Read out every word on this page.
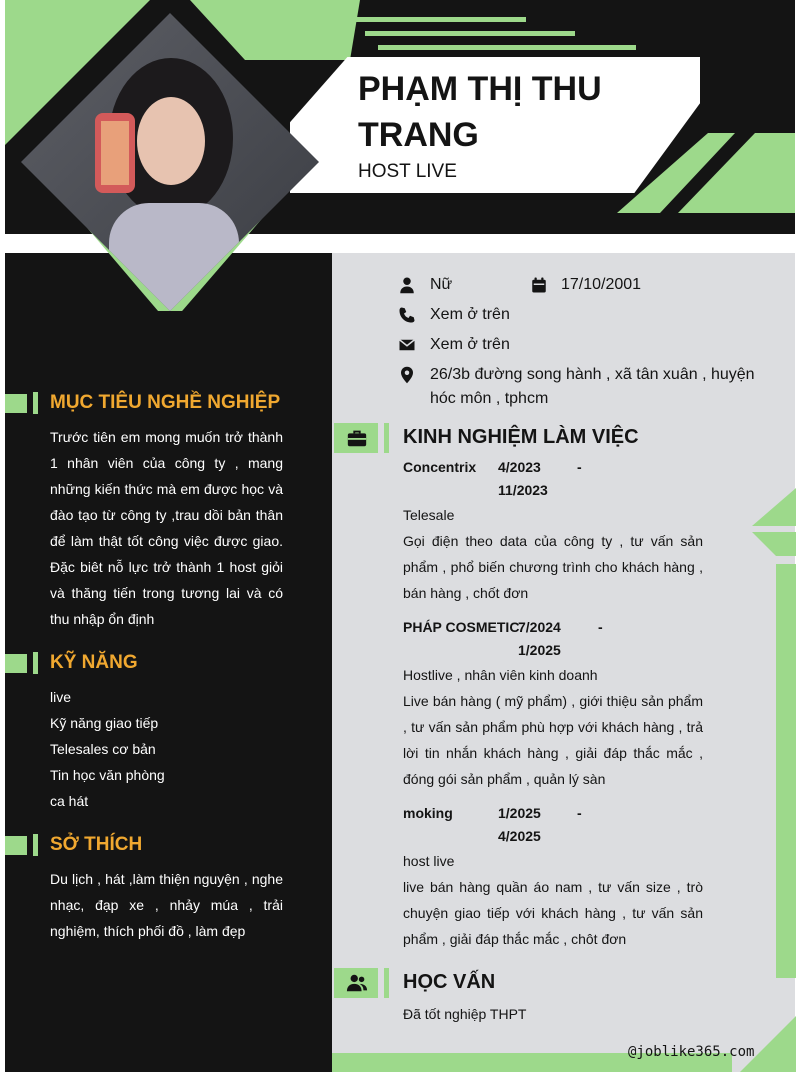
PHẠM THỊ THU
TRANG
HOST LIVE
MỤC TIÊU NGHỀ NGHIỆP
Trước tiên em mong muốn trở thành 1 nhân viên của công ty , mang những kiến thức mà em được học và đào tạo từ công ty ,trau dồi bản thân để làm thật tốt công việc được giao. Đặc biêt nỗ lực trở thành 1 host giỏi và thăng tiến trong tương lai và có thu nhập ổn định
KỸ NĂNG
live
Kỹ năng giao tiếp
Telesales cơ bản
Tin học văn phòng
ca hát
SỞ THÍCH
Du lịch , hát ,làm thiện nguyện , nghe nhạc, đạp xe , nhảy múa , trải nghiệm, thích phối đồ , làm đẹp
Nữ	17/10/2001
Xem ở trên
Xem ở trên
26/3b đường song hành , xã tân xuân , huyện hóc môn , tphcm
KINH NGHIỆM LÀM VIỆC
Concentrix 4/2023	-
11/2023
Telesale
Gọi điện theo data của công ty , tư vấn sản phẩm , phổ biến chương trình cho khách hàng , bán hàng , chốt đơn
PHÁP COSMETIC
7/2024	-
1/2025
Hostlive , nhân viên kinh doanh
Live bán hàng ( mỹ phẩm) , giới thiệu sản phẩm , tư vấn sản phẩm phù hợp với khách hàng , trả lời tin nhắn khách hàng , giải đáp thắc mắc , đóng gói sản phẩm , quản lý sàn
moking	1/2025	-
4/2025
host live
live bán hàng quần áo nam , tư vấn size , trò chuyện giao tiếp với khách hàng , tư vấn sản phẩm , giải đáp thắc mắc , chôt đơn
HỌC VẤN
Đã tốt nghiệp THPT
@joblike365.com
